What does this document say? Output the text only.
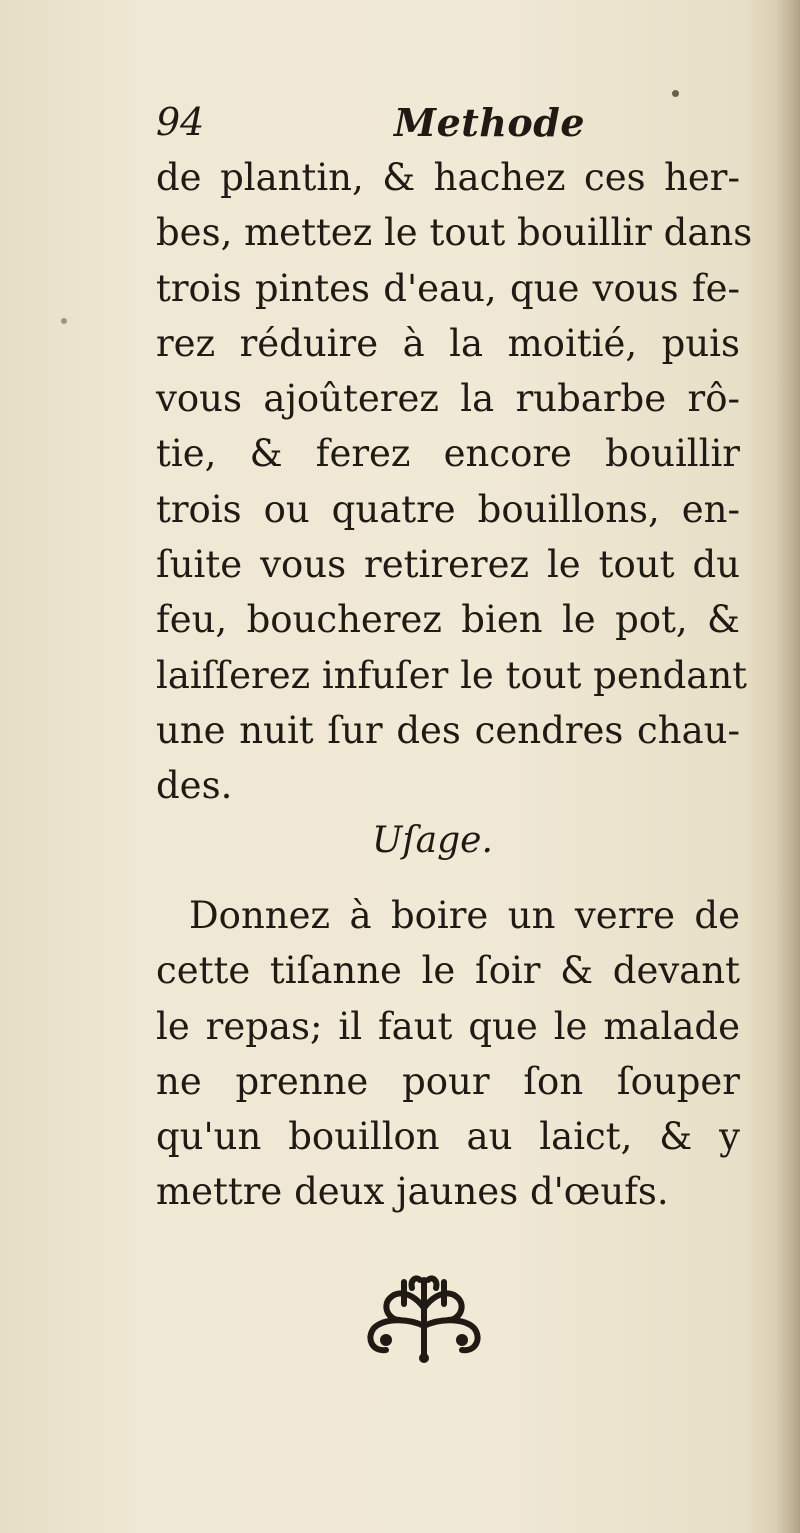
94	Methode
de plantin, & hachez ces her-
bes, mettez le tout bouillir dans
trois pintes d'eau, que vous fe-
rez réduire à la moitié, puis
vous ajoûterez la rubarbe rô-
tie, & ferez encore bouillir
trois ou quatre bouillons, en-
ſuite vous retirerez le tout du
feu, boucherez bien le pot, &
laiſſerez infuſer le tout pendant
une nuit ſur des cendres chau-
des.
Uſage.
Donnez à boire un verre de
cette tiſanne le ſoir & devant
le repas; il faut que le malade
ne prenne pour ſon ſouper
qu'un bouillon au laict, & y
mettre deux jaunes d'œufs.
